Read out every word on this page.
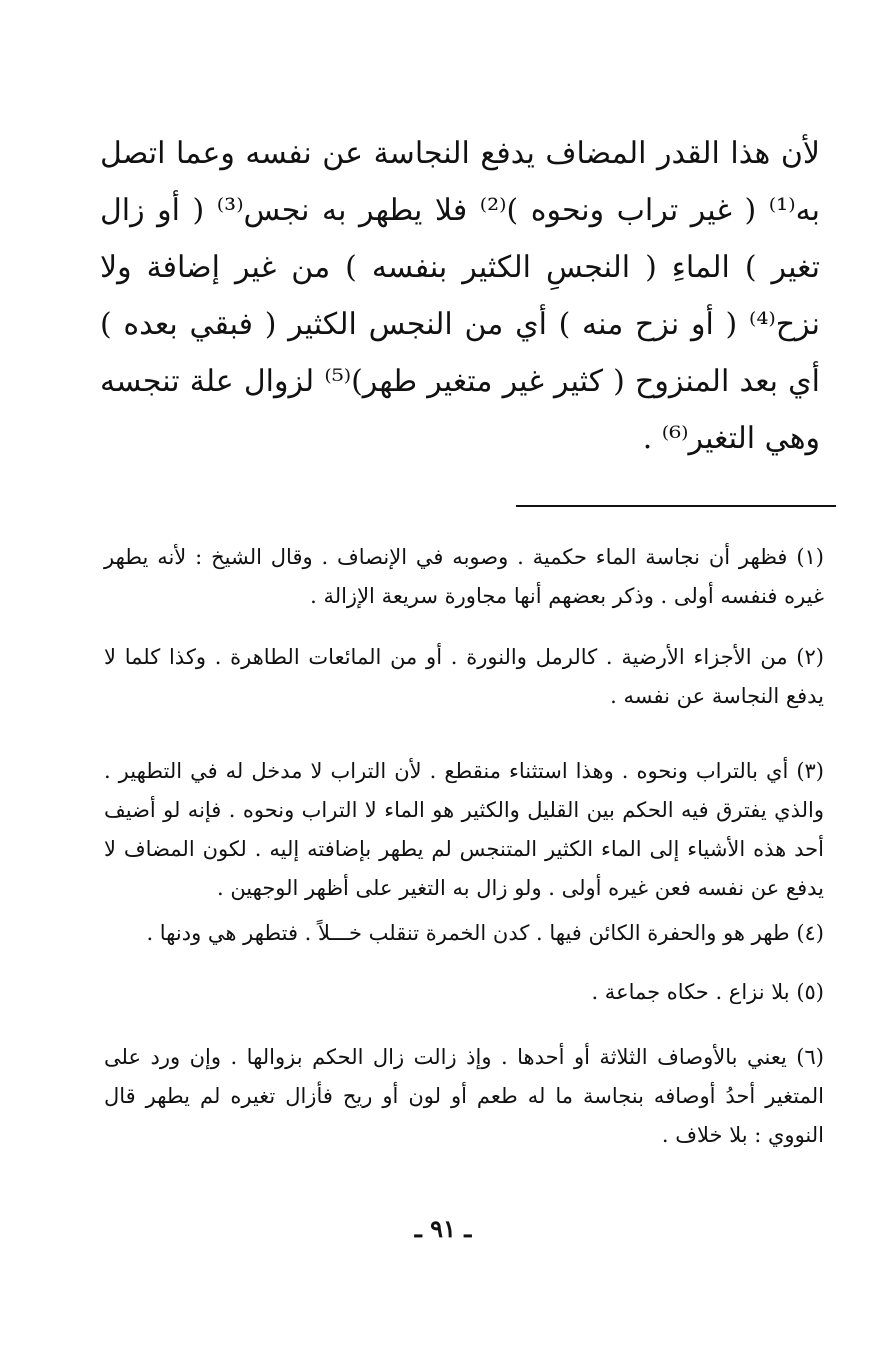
لأن هذا القدر المضاف يدفع النجاسة عن نفسه وعما اتصل به⁽¹⁾ ( غير تراب ونحوه )⁽²⁾ فلا يطهر به نجس⁽³⁾ ( أو زال تغير ) الماءِ ( النجسِ الكثير بنفسه ) من غير إضافة ولا نزح⁽⁴⁾ ( أو نزح منه ) أي من النجس الكثير ( فبقي بعده ) أي بعد المنزوح ( كثير غير متغير طهر)⁽⁵⁾ لزوال علة تنجسه وهي التغير⁽⁶⁾ .

(١) فظهر أن نجاسة الماء حكمية . وصوبه في الإنصاف . وقال الشيخ : لأنه يطهر غيره فنفسه أولى . وذكر بعضهم أنها مجاورة سريعة الإزالة .

(٢) من الأجزاء الأرضية . كالرمل والنورة . أو من المائعات الطاهرة . وكذا كلما لا يدفع النجاسة عن نفسه .

(٣) أي بالتراب ونحوه . وهذا استثناء منقطع . لأن التراب لا مدخل له في التطهير . والذي يفترق فيه الحكم بين القليل والكثير هو الماء لا التراب ونحوه . فإنه لو أضيف أحد هذه الأشياء إلى الماء الكثير المتنجس لم يطهر بإضافته إليه . لكون المضاف لا يدفع عن نفسه فعن غيره أولى . ولو زال به التغير على أظهر الوجهين .

(٤) طهر هو والحفرة الكائن فيها . كدن الخمرة تنقلب خـــلاً . فتطهر هي ودنها .

(٥) بلا نزاع . حكاه جماعة .

(٦) يعني بالأوصاف الثلاثة أو أحدها . وإذ زالت زال الحكم بزوالها . وإن ورد على المتغير أحدُ أوصافه بنجاسة ما له طعم أو لون أو ريح فأزال تغيره لم يطهر قال النووي : بلا خلاف .

ـ ٩١ ـ
